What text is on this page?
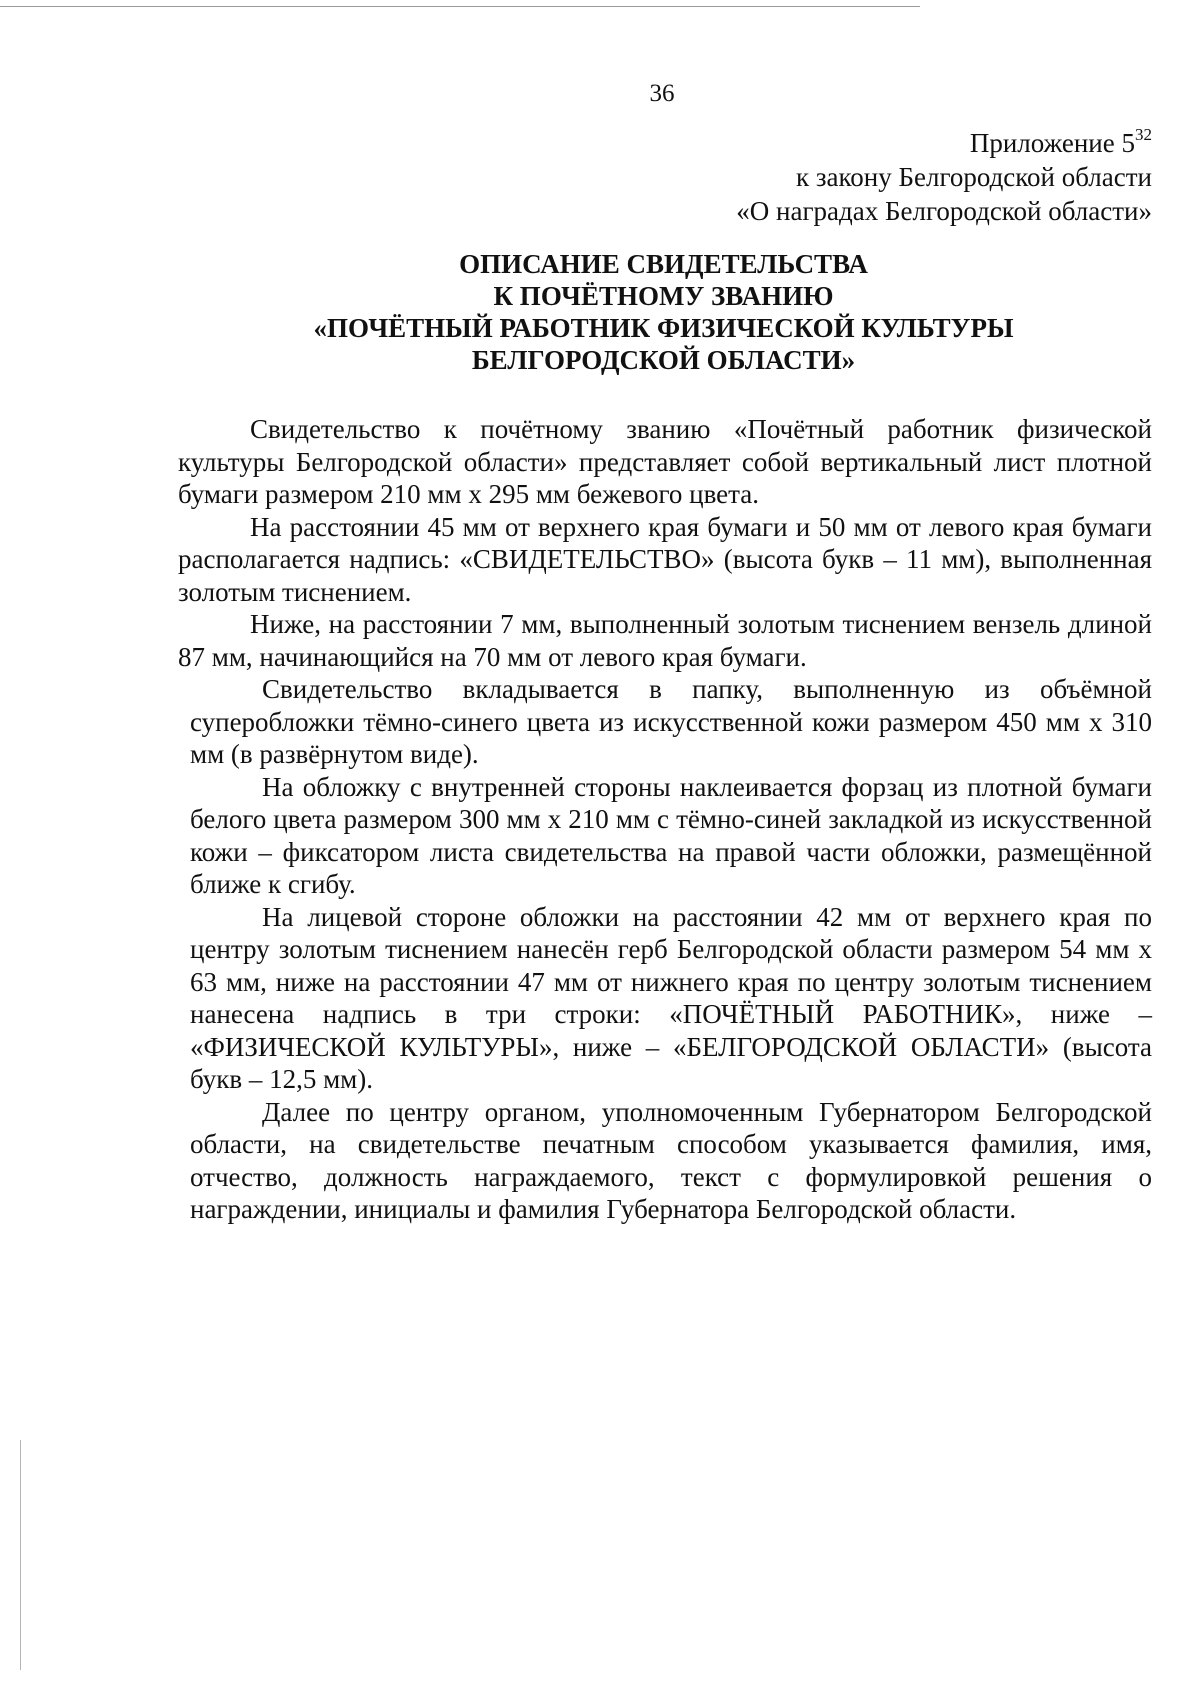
36
Приложение $5^{32}$
к закону Белгородской области
«О наградах Белгородской области»
ОПИСАНИЕ СВИДЕТЕЛЬСТВА
К ПОЧЁТНОМУ ЗВАНИЮ
«ПОЧЁТНЫЙ РАБОТНИК ФИЗИЧЕСКОЙ КУЛЬТУРЫ
БЕЛГОРОДСКОЙ ОБЛАСТИ»

Свидетельство к почётному званию «Почётный работник физической культуры Белгородской области» представляет собой вертикальный лист плотной бумаги размером 210 мм х 295 мм бежевого цвета.

На расстоянии 45 мм от верхнего края бумаги и 50 мм от левого края бумаги располагается надпись: «СВИДЕТЕЛЬСТВО» (высота букв – 11 мм), выполненная золотым тиснением.

Ниже, на расстоянии 7 мм, выполненный золотым тиснением вензель длиной 87 мм, начинающийся на 70 мм от левого края бумаги.

Свидетельство вкладывается в папку, выполненную из объёмной суперобложки тёмно-синего цвета из искусственной кожи размером 450 мм х 310 мм (в развёрнутом виде).

На обложку с внутренней стороны наклеивается форзац из плотной бумаги белого цвета размером 300 мм х 210 мм с тёмно-синей закладкой из искусственной кожи – фиксатором листа свидетельства на правой части обложки, размещённой ближе к сгибу.

На лицевой стороне обложки на расстоянии 42 мм от верхнего края по центру золотым тиснением нанесён герб Белгородской области размером 54 мм х 63 мм, ниже на расстоянии 47 мм от нижнего края по центру золотым тиснением нанесена надпись в три строки: «ПОЧЁТНЫЙ РАБОТНИК», ниже – «ФИЗИЧЕСКОЙ КУЛЬТУРЫ», ниже – «БЕЛГОРОДСКОЙ ОБЛАСТИ» (высота букв – 12,5 мм).

Далее по центру органом, уполномоченным Губернатором Белгородской области, на свидетельстве печатным способом указывается фамилия, имя, отчество, должность награждаемого, текст с формулировкой решения о награждении, инициалы и фамилия Губернатора Белгородской области.
